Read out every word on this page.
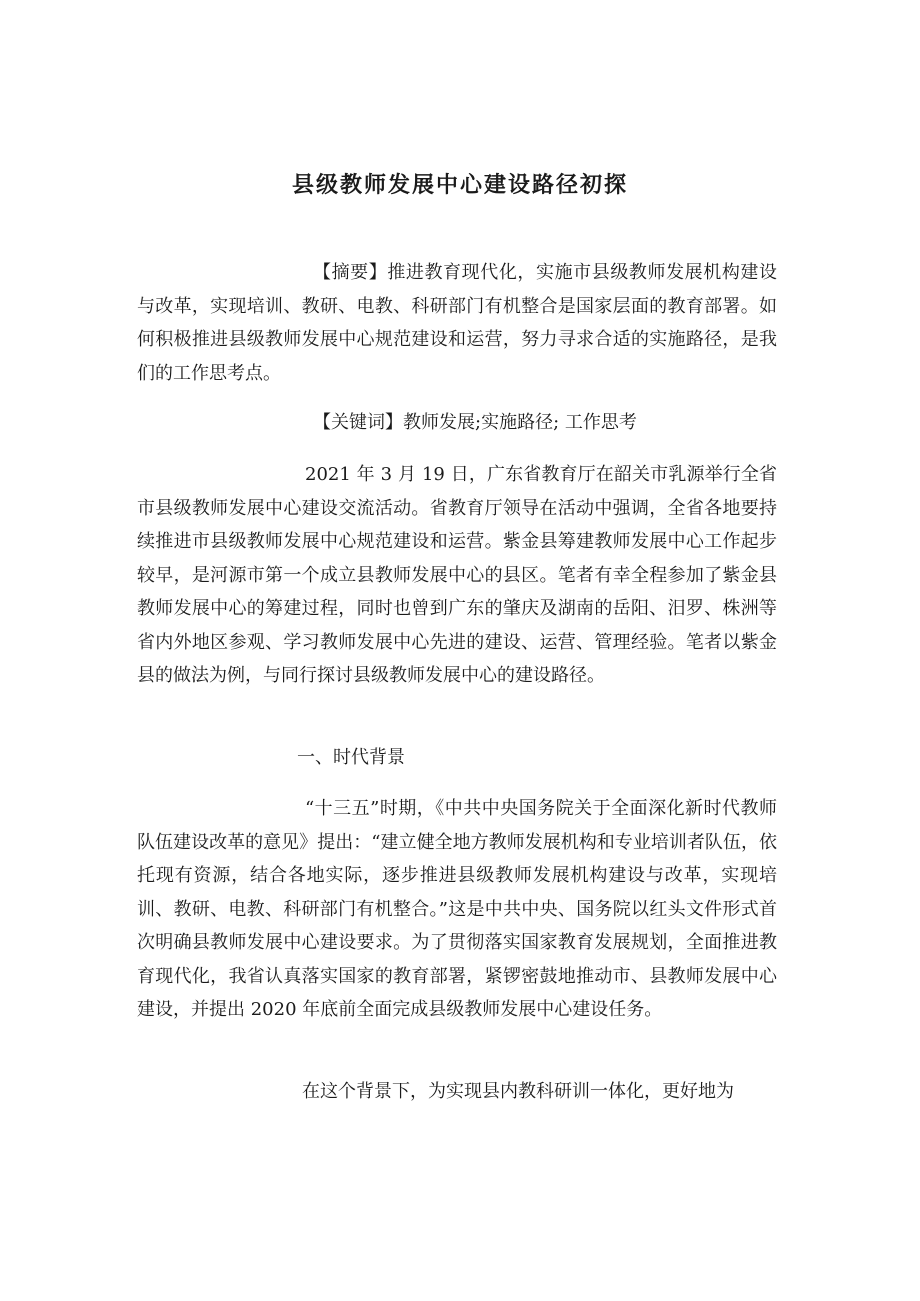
县级教师发展中心建设路径初探

【摘要】推进教育现代化，实施市县级教师发展机构建设与改革，实现培训、教研、电教、科研部门有机整合是国家层面的教育部署。如何积极推进县级教师发展中心规范建设和运营，努力寻求合适的实施路径，是我们的工作思考点。

【关键词】教师发展;实施路径; 工作思考

2021 年 3 月 19 日，广东省教育厅在韶关市乳源举行全省市县级教师发展中心建设交流活动。省教育厅领导在活动中强调，全省各地要持续推进市县级教师发展中心规范建设和运营。紫金县筹建教师发展中心工作起步较早，是河源市第一个成立县教师发展中心的县区。笔者有幸全程参加了紫金县教师发展中心的筹建过程，同时也曾到广东的肇庆及湖南的岳阳、汨罗、株洲等省内外地区参观、学习教师发展中心先进的建设、运营、管理经验。笔者以紫金县的做法为例，与同行探讨县级教师发展中心的建设路径。

一、时代背景

“十三五”时期，《中共中央国务院关于全面深化新时代教师队伍建设改革的意见》提出：“建立健全地方教师发展机构和专业培训者队伍，依托现有资源，结合各地实际，逐步推进县级教师发展机构建设与改革，实现培训、教研、电教、科研部门有机整合。”这是中共中央、国务院以红头文件形式首次明确县教师发展中心建设要求。为了贯彻落实国家教育发展规划，全面推进教育现代化，我省认真落实国家的教育部署，紧锣密鼓地推动市、县教师发展中心建设，并提出 2020 年底前全面完成县级教师发展中心建设任务。

在这个背景下，为实现县内教科研训一体化，更好地为
